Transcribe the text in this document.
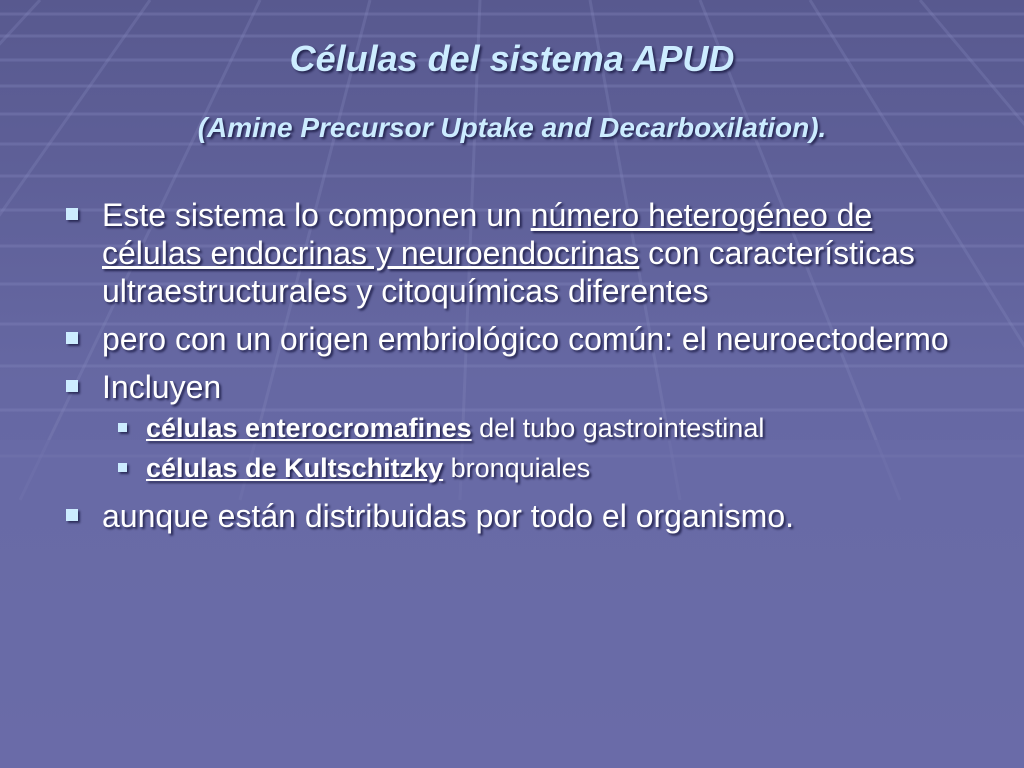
Células del sistema APUD
(Amine Precursor Uptake and Decarboxilation).
Este sistema lo componen un número heterogéneo de células endocrinas y neuroendocrinas con características ultraestructurales y citoquímicas diferentes
pero con un origen embriológico común: el neuroectodermo
Incluyen
células enterocromafines del tubo gastrointestinal
células de Kultschitzky bronquiales
aunque están distribuidas por todo el organismo.
